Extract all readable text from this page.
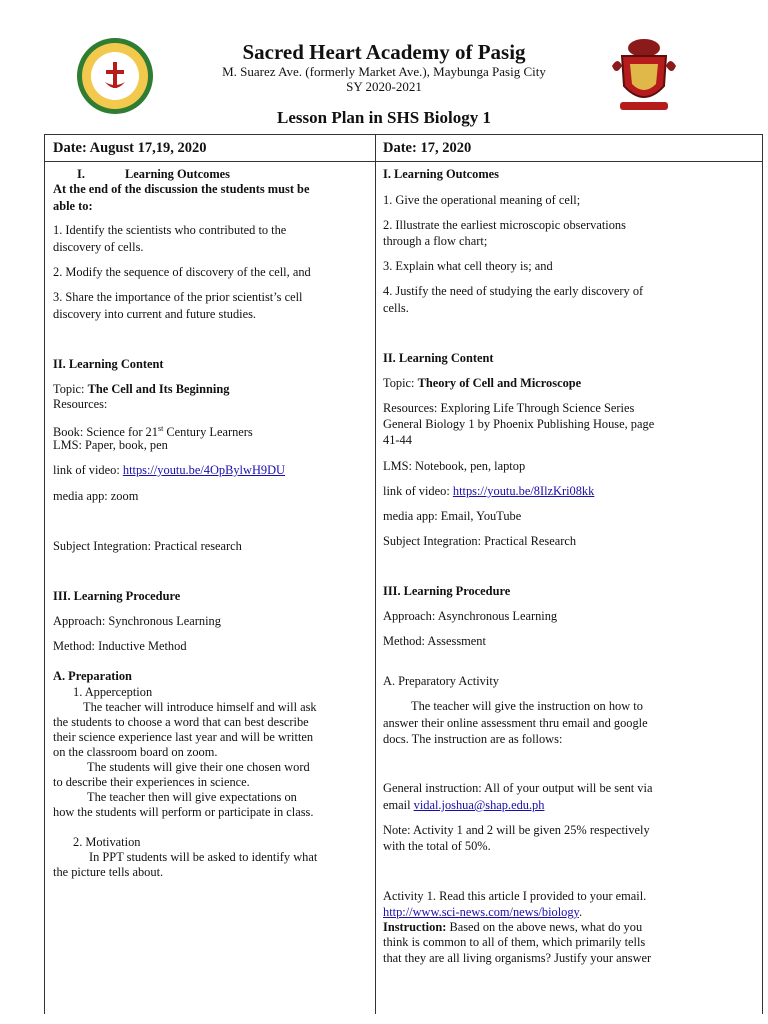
Sacred Heart Academy of Pasig
M. Suarez Ave. (formerly Market Ave.), Maybunga Pasig City
SY 2020-2021
Lesson Plan in SHS Biology 1
Date: August 17,19, 2020	Date: 17, 2020
I.	Learning Outcomes
At the end of the discussion the students must be
able to:
1. Identify the scientists who contributed to the
discovery of cells.
2. Modify the sequence of discovery of the cell, and
3. Share the importance of the prior scientist’s cell
discovery into current and future studies.
II. Learning Content
Topic: The Cell and Its Beginning
Resources:
Book: Science for 21st Century Learners
LMS: Paper, book, pen
link of video: https://youtu.be/4OpBylwH9DU
media app: zoom
Subject Integration: Practical research
III. Learning Procedure
Approach: Synchronous Learning
Method: Inductive Method
A. Preparation
1. Apperception
The teacher will introduce himself and will ask
the students to choose a word that can best describe
their science experience last year and will be written
on the classroom board on zoom.
The students will give their one chosen word
to describe their experiences in science.
The teacher then will give expectations on
how the students will perform or participate in class.
2. Motivation
In PPT students will be asked to identify what
the picture tells about.
I. Learning Outcomes
1. Give the operational meaning of cell;
2. Illustrate the earliest microscopic observations
through a flow chart;
3. Explain what cell theory is; and
4. Justify the need of studying the early discovery of
cells.
II. Learning Content
Topic: Theory of Cell and Microscope
Resources: Exploring Life Through Science Series
General Biology 1 by Phoenix Publishing House, page
41-44
LMS: Notebook, pen, laptop
link of video: https://youtu.be/8IlzKri08kk
media app: Email, YouTube
Subject Integration: Practical Research
III. Learning Procedure
Approach: Asynchronous Learning
Method: Assessment
A. Preparatory Activity
The teacher will give the instruction on how to
answer their online assessment thru email and google
docs. The instruction are as follows:
General instruction: All of your output will be sent via
email vidal.joshua@shap.edu.ph
Note: Activity 1 and 2 will be given 25% respectively
with the total of 50%.
Activity 1. Read this article I provided to your email.
http://www.sci-news.com/news/biology.
Instruction: Based on the above news, what do you
think is common to all of them, which primarily tells
that they are all living organisms? Justify your answer
